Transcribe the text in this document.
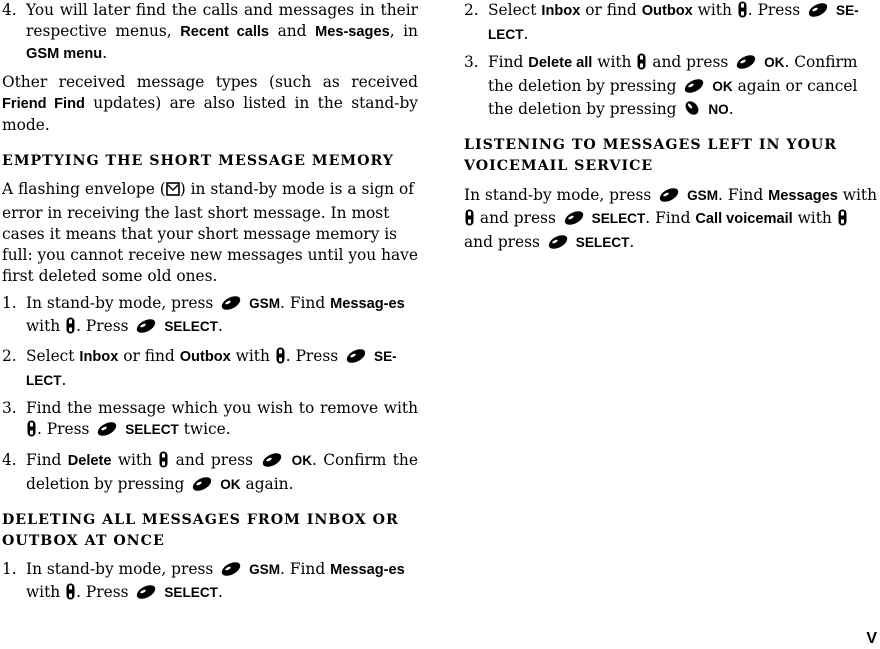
4. You will later find the calls and messages in their respective menus, Recent calls and Mes-sages, in GSM menu.

Other received message types (such as received Friend Find updates) are also listed in the stand-by mode.

EMPTYING THE SHORT MESSAGE MEMORY

A flashing envelope ( ) in stand-by mode is a sign of error in receiving the last short message. In most cases it means that your short message memory is full: you cannot receive new messages until you have first deleted some old ones.

1. In stand-by mode, press	GSM. Find Messag-es with . Press	SELECT.
2. Select Inbox or find Outbox with . Press	SE-LECT.
3. Find the message which you wish to remove with . Press	SELECT twice.
4. Find Delete with and press	OK. Confirm the deletion by pressing	OK again.

DELETING ALL MESSAGES FROM INBOX OR OUTBOX AT ONCE

1. In stand-by mode, press	GSM. Find Messag-es with . Press	SELECT.
2. Select Inbox or find Outbox with . Press	SE-LECT.
3. Find Delete all with and press	OK. Confirm the deletion by pressing	OK again or cancel the deletion by pressing NO.

LISTENING TO MESSAGES LEFT IN YOUR VOICEMAIL SERVICE

In stand-by mode, press	GSM. Find Messages with  and press	SELECT. Find Call voicemail with  and press	SELECT.

V
